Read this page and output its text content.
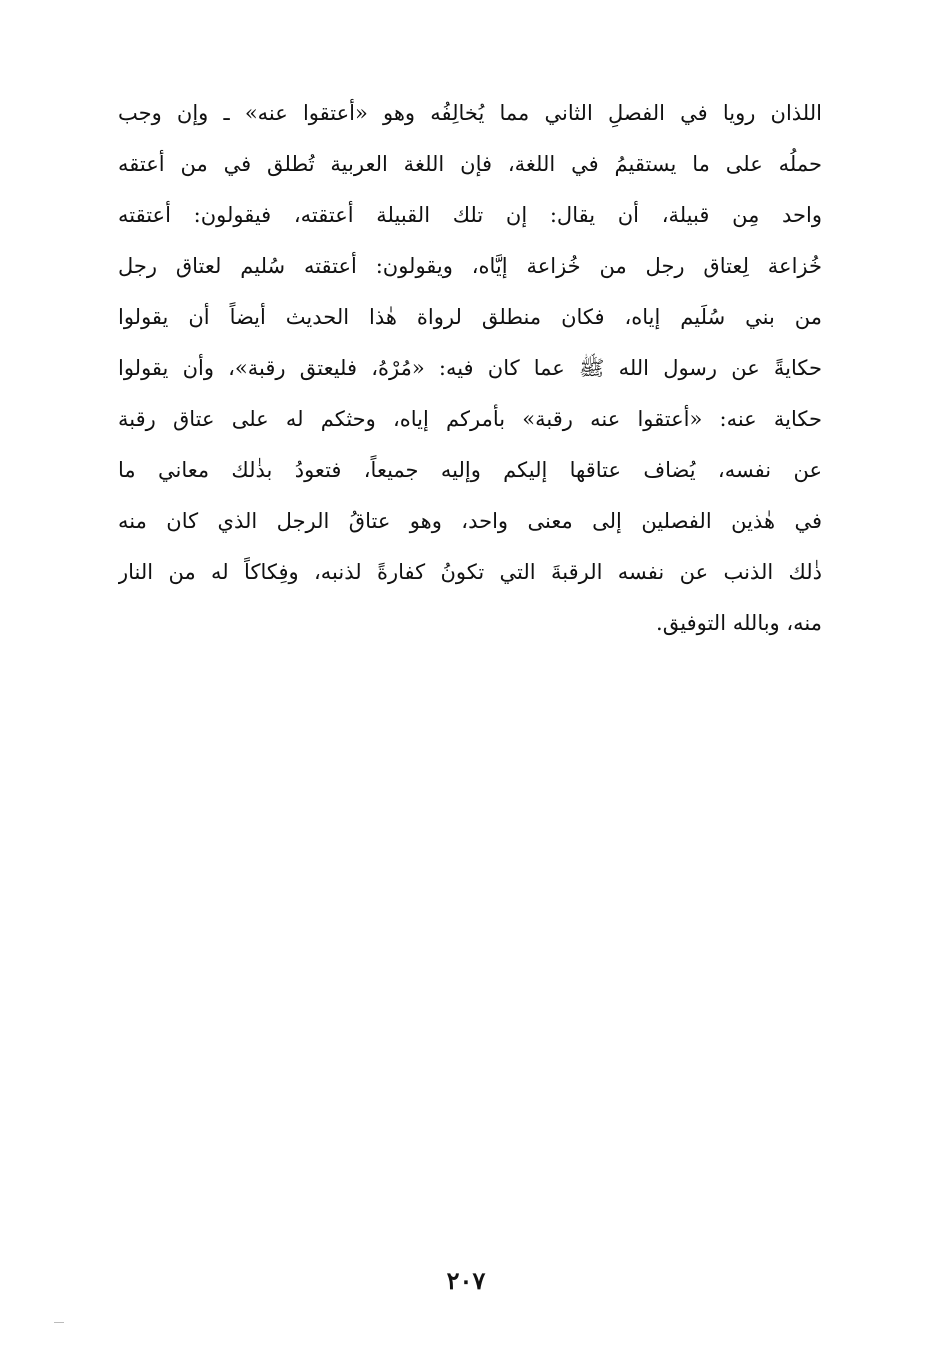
اللذان رويا في الفصلِ الثاني مما يُخالِفُه وهو «أعتقوا عنه» ـ وإن وجب
حملُه على ما يستقيمُ في اللغة، فإن اللغة العربية تُطلق في من أعتقه
واحد مِن قبيلة، أن يقال: إن تلك القبيلة أعتقته، فيقولون: أعتقته
خُزاعة لِعتاق رجل من خُزاعة إيَّاه، ويقولون: أعتقته سُليم لعتاق رجل
من بني سُلَيم إياه، فكان منطلق لرواة هٰذا الحديث أيضاً أن يقولوا
حكايةً عن رسول الله ﷺ عما كان فيه: «مُرْهُ، فليعتق رقبة»، وأن يقولوا
حكاية عنه: «أعتقوا عنه رقبة» بأمركم إياه، وحثكم له على عتاق رقبة
عن نفسه، يُضاف عتاقها إليكم وإليه جميعاً، فتعودُ بذٰلك معاني ما
في هٰذين الفصلين إلى معنى واحد، وهو عتاقُ الرجل الذي كان منه
ذٰلك الذنب عن نفسه الرقبةَ التي تكونُ كفارةً لذنبه، وفِكاكاً له من النار
منه، وبالله التوفيق.
٢٠٧
